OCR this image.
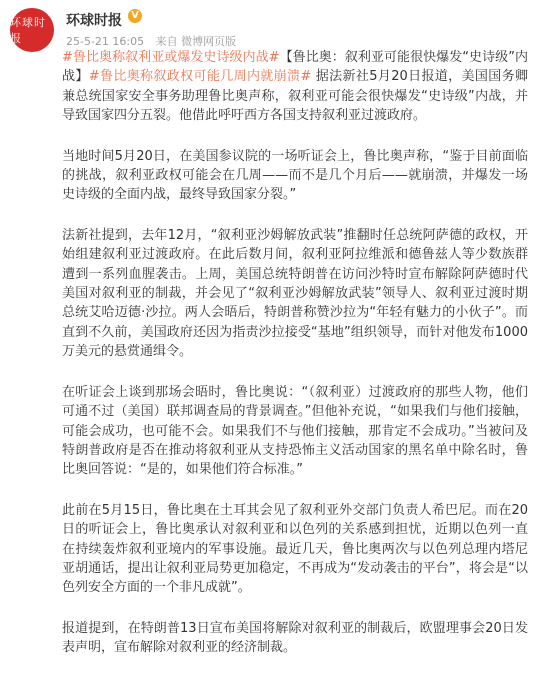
环球时报
环球时报 V
25-5-21 16:05 来自 微博网页版

#鲁比奥称叙利亚或爆发史诗级内战#【鲁比奥：叙利亚可能很快爆发“史诗级”内战】#鲁比奥称叙政权可能几周内就崩溃# 据法新社5月20日报道，美国国务卿兼总统国家安全事务助理鲁比奥声称，叙利亚可能会很快爆发“史诗级”内战，并导致国家四分五裂。他借此呼吁西方各国支持叙利亚过渡政府。

当地时间5月20日，在美国参议院的一场听证会上，鲁比奥声称，“鉴于目前面临的挑战，叙利亚政权可能会在几周——而不是几个月后——就崩溃，并爆发一场史诗级的全面内战，最终导致国家分裂。”

法新社提到，去年12月，“叙利亚沙姆解放武装”推翻时任总统阿萨德的政权，开始组建叙利亚过渡政府。在此后数月间，叙利亚阿拉维派和德鲁兹人等少数族群遭到一系列血腥袭击。上周，美国总统特朗普在访问沙特时宣布解除阿萨德时代美国对叙利亚的制裁，并会见了“叙利亚沙姆解放武装”领导人、叙利亚过渡时期总统艾哈迈德·沙拉。两人会晤后，特朗普称赞沙拉为“年轻有魅力的小伙子”。而直到不久前，美国政府还因为指责沙拉接受“基地”组织领导，而针对他发布1000万美元的悬赏通缉令。

在听证会上谈到那场会晤时，鲁比奥说：“（叙利亚）过渡政府的那些人物，他们可通不过（美国）联邦调查局的背景调查。”但他补充说，“如果我们与他们接触，可能会成功，也可能不会。如果我们不与他们接触，那肯定不会成功。”当被问及特朗普政府是否在推动将叙利亚从支持恐怖主义活动国家的黑名单中除名时，鲁比奥回答说：“是的，如果他们符合标准。”

此前在5月15日，鲁比奥在土耳其会见了叙利亚外交部门负责人希巴尼。而在20日的听证会上，鲁比奥承认对叙利亚和以色列的关系感到担忧，近期以色列一直在持续轰炸叙利亚境内的军事设施。最近几天，鲁比奥两次与以色列总理内塔尼亚胡通话，提出让叙利亚局势更加稳定，不再成为“发动袭击的平台”，将会是“以色列安全方面的一个非凡成就”。

报道提到，在特朗普13日宣布美国将解除对叙利亚的制裁后，欧盟理事会20日发表声明，宣布解除对叙利亚的经济制裁。
